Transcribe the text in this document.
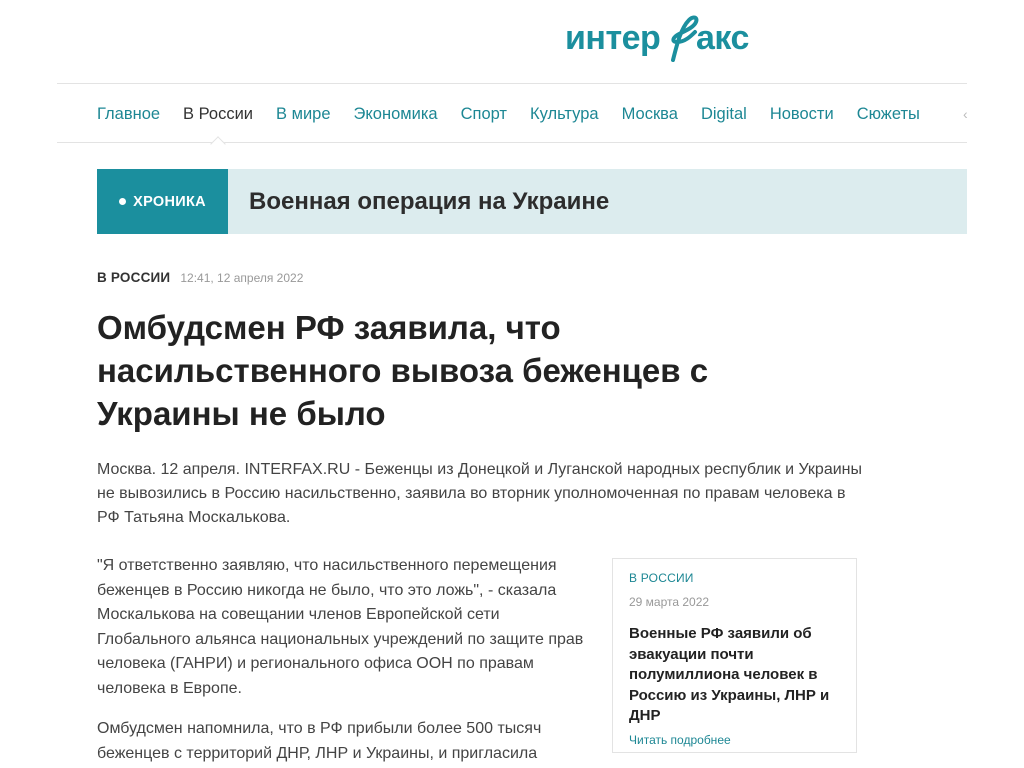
интер акс
Главное В России В мире Экономика Спорт Культура Москва Digital Новости Сюжеты	‹
ХРОНИКА Военная операция на Украине
В РОССИИ 12:41, 12 апреля 2022
Омбудсмен РФ заявила, что насильственного вывоза беженцев с Украины не было

Москва. 12 апреля. INTERFAX.RU - Беженцы из Донецкой и Луганской народных республик и Украины не вывозились в Россию насильственно, заявила во вторник уполномоченная по правам человека в РФ Татьяна Москалькова.

"Я ответственно заявляю, что насильственного перемещения беженцев в Россию никогда не было, что это ложь", - сказала Москалькова на совещании членов Европейской сети Глобального альянса национальных учреждений по защите прав человека (ГАНРИ) и регионального офиса ООН по правам человека в Европе.

Омбудсмен напомнила, что в РФ прибыли более 500 тысяч беженцев с территорий ДНР, ЛНР и Украины, и пригласила

В РОССИИ
29 марта 2022
Военные РФ заявили об эвакуации почти полумиллиона человек в Россию из Украины, ЛНР и ДНР
Читать подробнее
